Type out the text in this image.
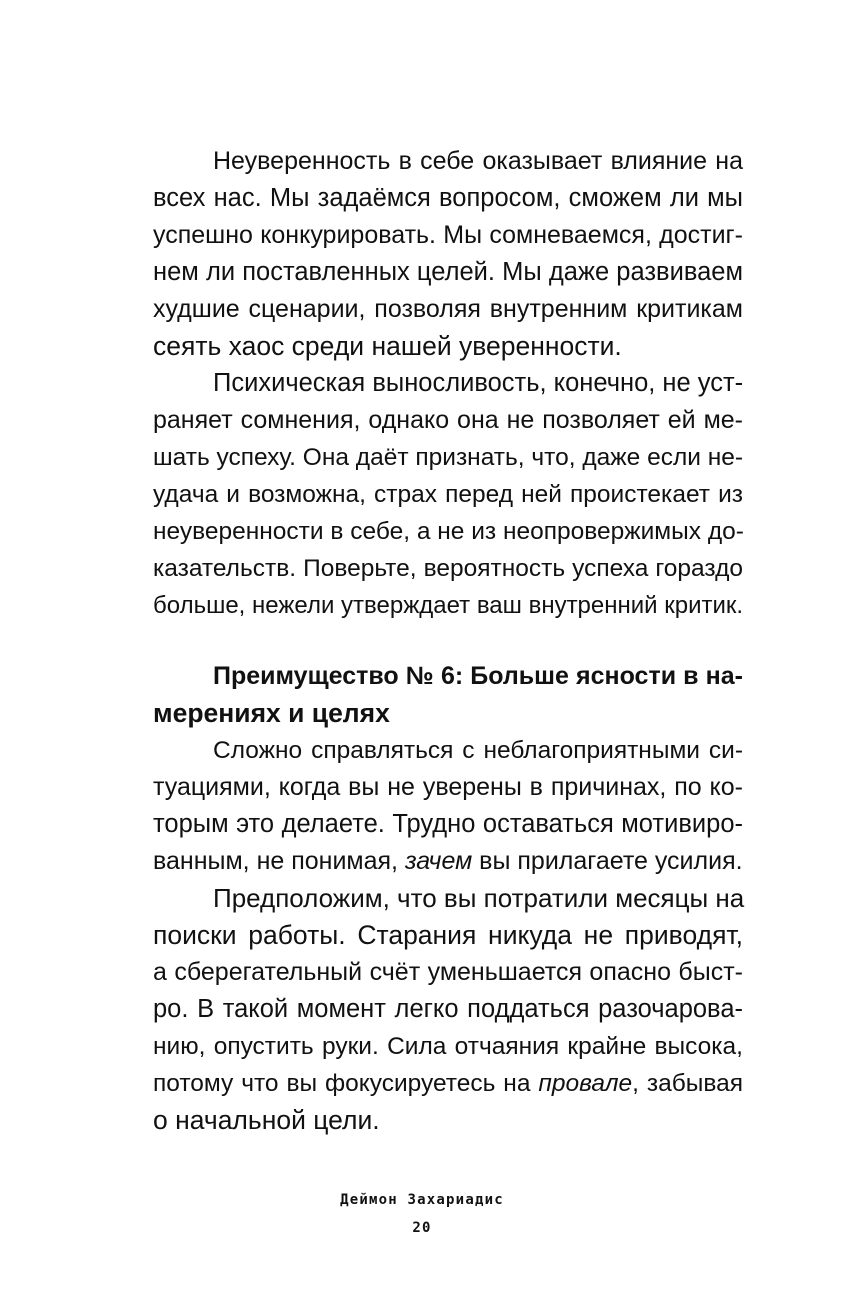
Неуверенность в себе оказывает влияние на
всех нас. Мы задаёмся вопросом, сможем ли мы
успешно конкурировать. Мы сомневаемся, достиг-
нем ли поставленных целей. Мы даже развиваем
худшие сценарии, позволяя внутренним критикам
сеять хаос среди нашей уверенности.
Психическая выносливость, конечно, не уст-
раняет сомнения, однако она не позволяет ей ме-
шать успеху. Она даёт признать, что, даже если не-
удача и возможна, страх перед ней проистекает из
неуверенности в себе, а не из неопровержимых до-
казательств. Поверьте, вероятность успеха гораздо
больше, нежели утверждает ваш внутренний критик.
Преимущество № 6: Больше ясности в на-
мерениях и целях
Сложно справляться с неблагоприятными си-
туациями, когда вы не уверены в причинах, по ко-
торым это делаете. Трудно оставаться мотивиро-
ванным, не понимая, зачем вы прилагаете усилия.
Предположим, что вы потратили месяцы на
поиски работы. Старания никуда не приводят,
а сберегательный счёт уменьшается опасно быст-
ро. В такой момент легко поддаться разочарова-
нию, опустить руки. Сила отчаяния крайне высока,
потому что вы фокусируетесь на провале, забывая
о начальной цели.
Деймон Захариадис
20
